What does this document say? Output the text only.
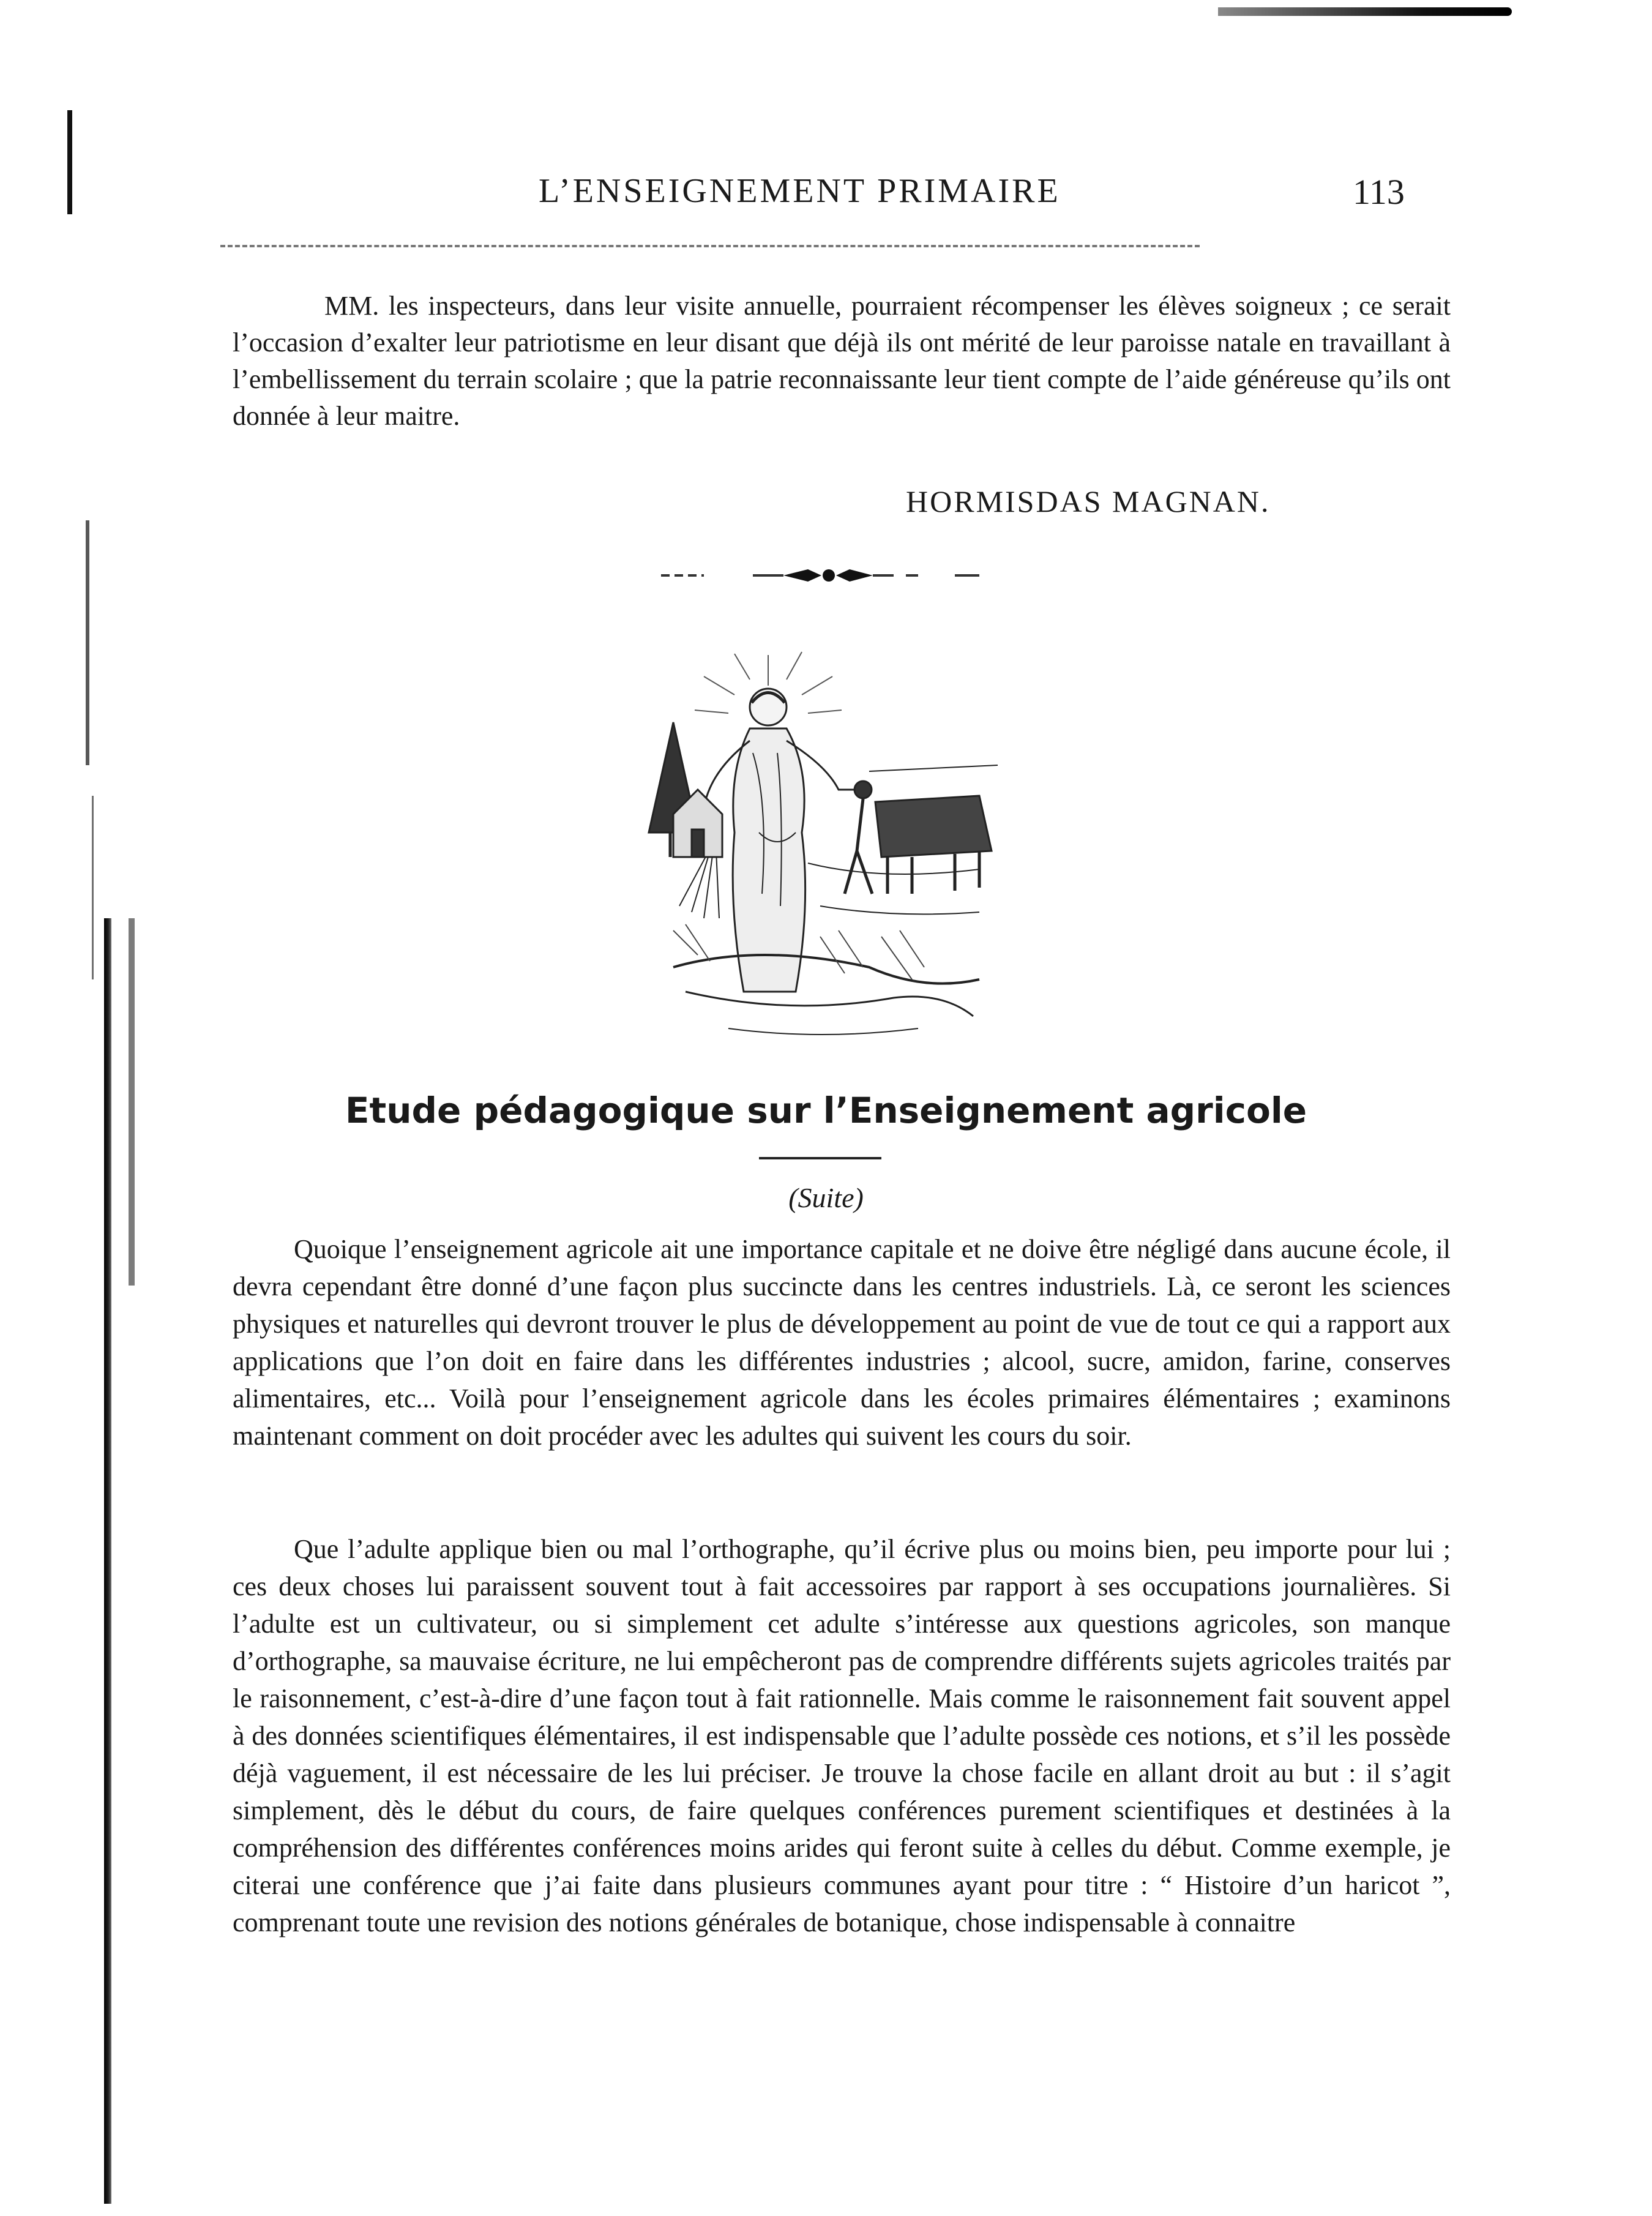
L’ENSEIGNEMENT PRIMAIRE	113

MM. les inspecteurs, dans leur visite annuelle, pourraient récompenser les élèves soigneux ; ce serait l’occasion d’exalter leur patriotisme en leur disant que déjà ils ont mérité de leur paroisse natale en travaillant à l’embellissement du terrain scolaire ; que la patrie reconnaissante leur tient compte de l’aide généreuse qu’ils ont donnée à leur maitre.

HORMISDAS MAGNAN.
Etude pédagogique sur l’Enseignement agricole
(Suite)

Quoique l’enseignement agricole ait une importance capitale et ne doive être négligé dans aucune école, il devra cependant être donné d’une façon plus succincte dans les centres industriels. Là, ce seront les sciences physiques et naturelles qui devront trouver le plus de développement au point de vue de tout ce qui a rapport aux applications que l’on doit en faire dans les différentes industries ; alcool, sucre, amidon, farine, conserves alimentaires, etc... Voilà pour l’enseignement agricole dans les écoles primaires élémentaires ; examinons maintenant comment on doit procéder avec les adultes qui suivent les cours du soir.

Que l’adulte applique bien ou mal l’orthographe, qu’il écrive plus ou moins bien, peu importe pour lui ; ces deux choses lui paraissent souvent tout à fait accessoires par rapport à ses occupations journalières. Si l’adulte est un cultivateur, ou si simplement cet adulte s’intéresse aux questions agricoles, son manque d’orthographe, sa mauvaise écriture, ne lui empêcheront pas de comprendre différents sujets agricoles traités par le raisonnement, c’est-à-dire d’une façon tout à fait rationnelle. Mais comme le raisonnement fait souvent appel à des données scientifiques élémentaires, il est indispensable que l’adulte possède ces notions, et s’il les possède déjà vaguement, il est nécessaire de les lui préciser. Je trouve la chose facile en allant droit au but : il s’agit simplement, dès le début du cours, de faire quelques conférences purement scientifiques et destinées à la compréhension des différentes conférences moins arides qui feront suite à celles du début. Comme exemple, je citerai une conférence que j’ai faite dans plusieurs communes ayant pour titre : “ Histoire d’un haricot ”, comprenant toute une revision des notions générales de botanique, chose indispensable à connaitre
